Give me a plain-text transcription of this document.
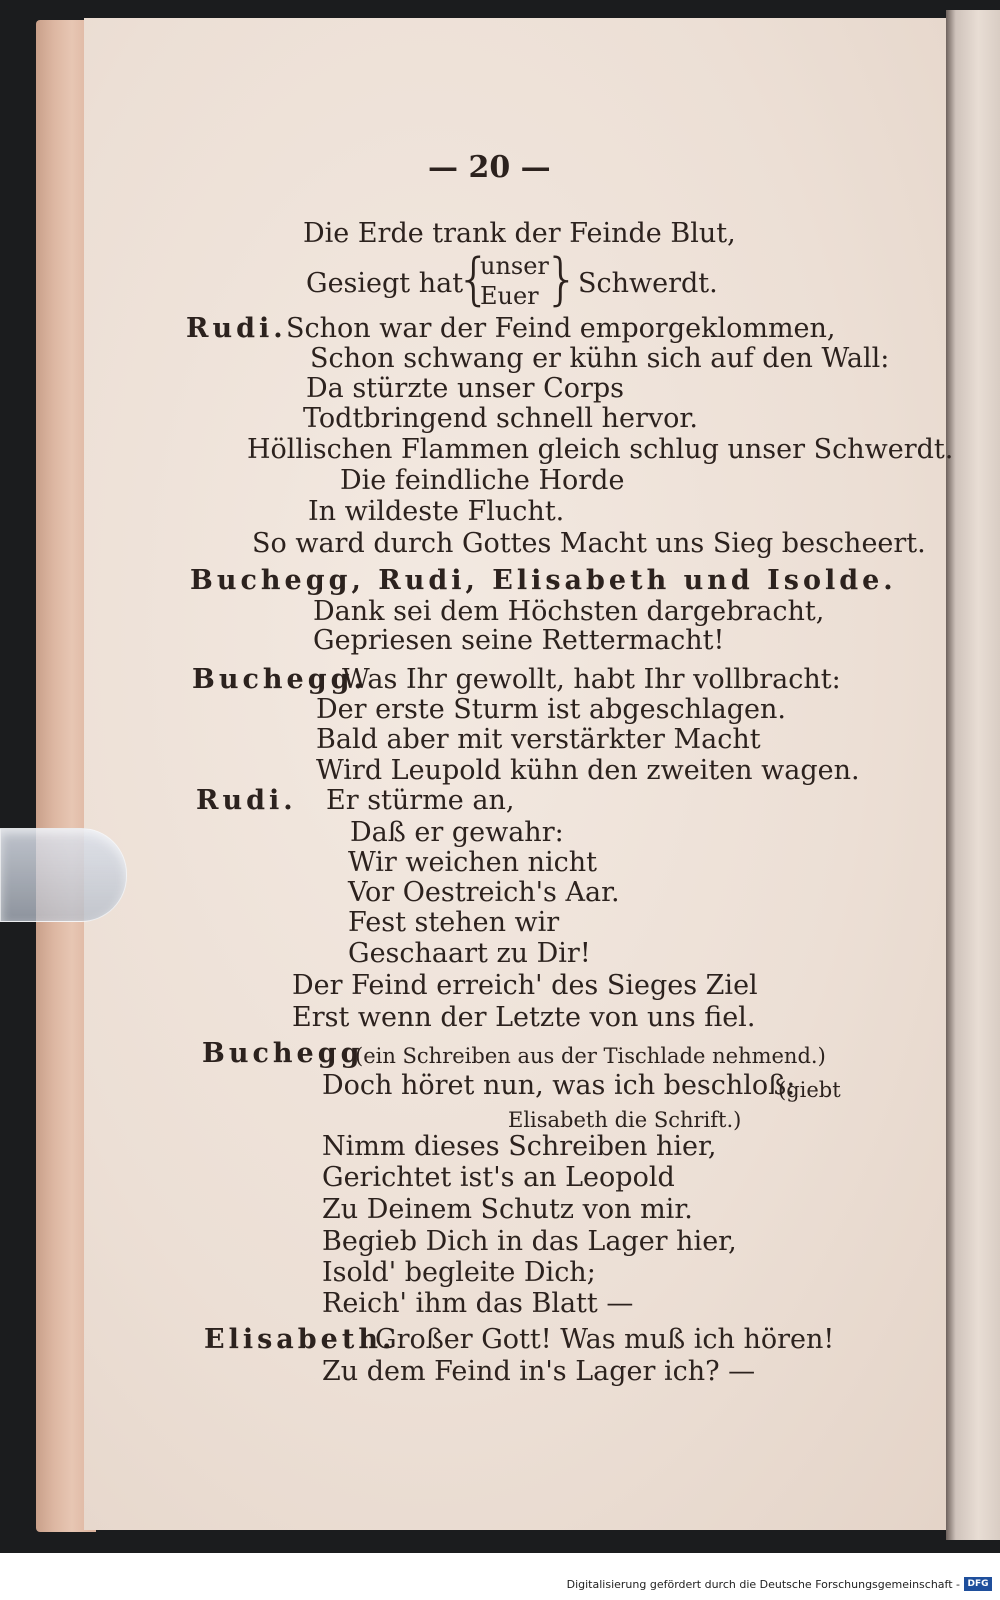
— 20 —
Die Erde trank der Feinde Blut,
Gesiegt hat
{
unser
Euer }
Schwerdt.
Rudi. Schon war der Feind emporgeklommen,
Schon schwang er kühn sich auf den Wall:
Da stürzte unser Corps
Todtbringend schnell hervor.
Höllischen Flammen gleich schlug unser Schwerdt.
Die feindliche Horde
In wildeste Flucht.
So ward durch Gottes Macht uns Sieg bescheert.
Buchegg, Rudi, Elisabeth und Isolde.
Dank sei dem Höchsten dargebracht,
Gepriesen seine Rettermacht!
Buchegg.
Was Ihr gewollt, habt Ihr vollbracht:
Der erste Sturm ist abgeschlagen.
Bald aber mit verstärkter Macht
Wird Leupold kühn den zweiten wagen.
Rudi. Er stürme an,
Daß er gewahr:
Wir weichen nicht
Vor Oestreich's Aar.
Fest stehen wir
Geschaart zu Dir!
Der Feind erreich' des Sieges Ziel
Erst wenn der Letzte von uns fiel.
Buchegg
(ein Schreiben aus der Tischlade nehmend.)
Doch höret nun, was ich beschloß:
(giebt
Elisabeth die Schrift.)
Nimm dieses Schreiben hier,
Gerichtet ist's an Leopold
Zu Deinem Schutz von mir.
Begieb Dich in das Lager hier,
Isold' begleite Dich;
Reich' ihm das Blatt —
Elisabeth.
Großer Gott! Was muß ich hören!
Zu dem Feind in's Lager ich? —
Digitalisierung gefördert durch die Deutsche Forschungsgemeinschaft - DFG
